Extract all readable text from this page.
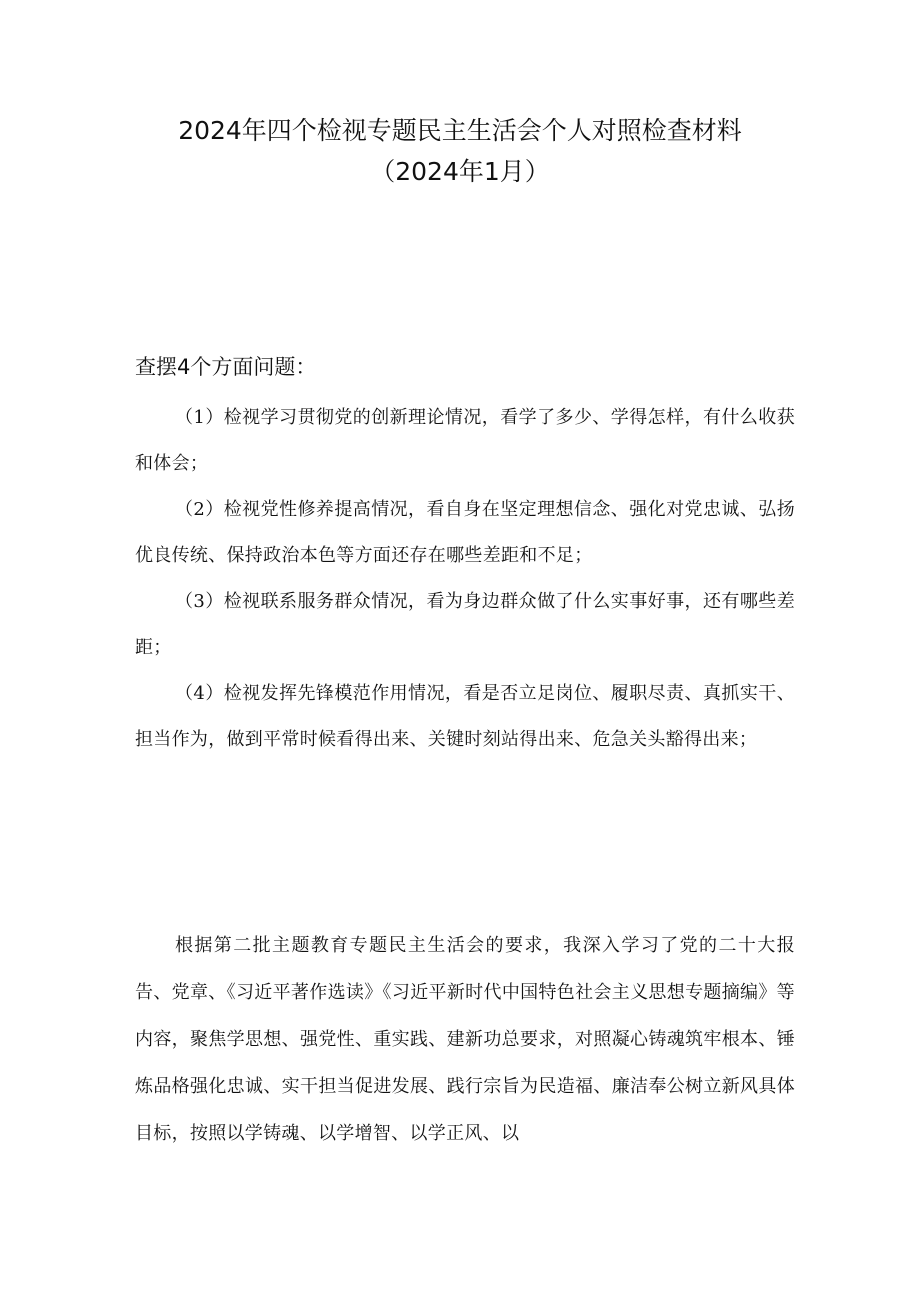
2024年四个检视专题民主生活会个人对照检查材料
（2024年1月）
查摆4个方面问题：

（1）检视学习贯彻党的创新理论情况，看学了多少、学得怎样，有什么收获和体会；

（2）检视党性修养提高情况，看自身在坚定理想信念、强化对党忠诚、弘扬优良传统、保持政治本色等方面还存在哪些差距和不足；

（3）检视联系服务群众情况，看为身边群众做了什么实事好事，还有哪些差距；

（4）检视发挥先锋模范作用情况，看是否立足岗位、履职尽责、真抓实干、担当作为，做到平常时候看得出来、关键时刻站得出来、危急关头豁得出来；

根据第二批主题教育专题民主生活会的要求，我深入学习了党的二十大报告、党章、《习近平著作选读》《习近平新时代中国特色社会主义思想专题摘编》等内容，聚焦学思想、强党性、重实践、建新功总要求，对照凝心铸魂筑牢根本、锤炼品格强化忠诚、实干担当促进发展、践行宗旨为民造福、廉洁奉公树立新风具体目标，按照以学铸魂、以学增智、以学正风、以
